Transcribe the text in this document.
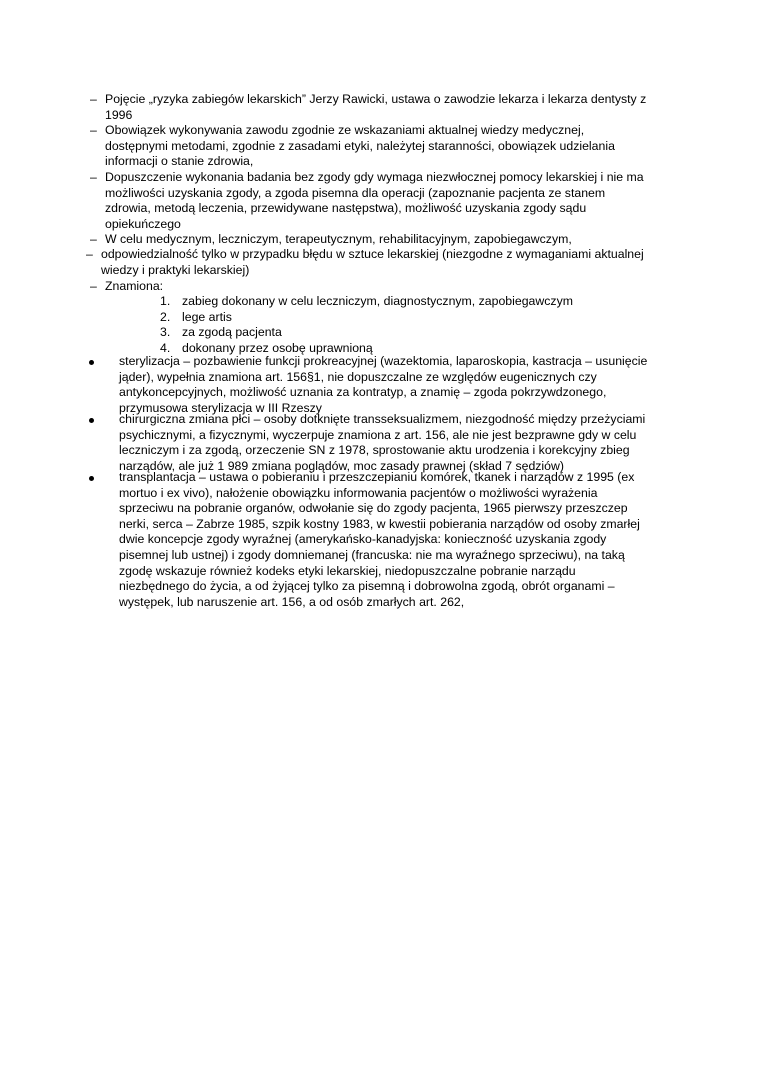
– Pojęcie „ryzyka zabiegów lekarskich” Jerzy Rawicki, ustawa o zawodzie lekarza i lekarza dentysty z
1996
– Obowiązek wykonywania zawodu zgodnie ze wskazaniami aktualnej wiedzy medycznej,
dostępnymi metodami, zgodnie z zasadami etyki, należytej staranności, obowiązek udzielania
informacji o stanie zdrowia,
– Dopuszczenie wykonania badania bez zgody gdy wymaga niezwłocznej pomocy lekarskiej i nie ma
możliwości uzyskania zgody, a zgoda pisemna dla operacji (zapoznanie pacjenta ze stanem
zdrowia, metodą leczenia, przewidywane następstwa), możliwość uzyskania zgody sądu
opiekuńczego
– W celu medycznym, leczniczym, terapeutycznym, rehabilitacyjnym, zapobiegawczym,
– odpowiedzialność tylko w przypadku błędu w sztuce lekarskiej (niezgodne z wymaganiami aktualnej
wiedzy i praktyki lekarskiej)
– Znamiona:
1. zabieg dokonany w celu leczniczym, diagnostycznym, zapobiegawczym
2. lege artis
3. za zgodą pacjenta
4. dokonany przez osobę uprawnioną
sterylizacja – pozbawienie funkcji prokreacyjnej (wazektomia, laparoskopia, kastracja – usunięcie
jąder), wypełnia znamiona art. 156§1, nie dopuszczalne ze względów eugenicznych czy
antykoncepcyjnych, możliwość uznania za kontratyp, a znamię – zgoda pokrzywdzonego,
przymusowa sterylizacja w III Rzeszy
chirurgiczna zmiana płci – osoby dotknięte transseksualizmem, niezgodność między przeżyciami
psychicznymi, a fizycznymi, wyczerpuje znamiona z art. 156, ale nie jest bezprawne gdy w celu
leczniczym i za zgodą, orzeczenie SN z 1978, sprostowanie aktu urodzenia i korekcyjny zbieg
narządów, ale już 1 989 zmiana poglądów, moc zasady prawnej (skład 7 sędziów)
transplantacja – ustawa o pobieraniu i przeszczepianiu komórek, tkanek i narządów z 1995 (ex
mortuo i ex vivo), nałożenie obowiązku informowania pacjentów o możliwości wyrażenia
sprzeciwu na pobranie organów, odwołanie się do zgody pacjenta, 1965 pierwszy przeszczep
nerki, serca – Zabrze 1985, szpik kostny 1983, w kwestii pobierania narządów od osoby zmarłej
dwie koncepcje zgody wyraźnej (amerykańsko-kanadyjska: konieczność uzyskania zgody
pisemnej lub ustnej) i zgody domniemanej (francuska: nie ma wyraźnego sprzeciwu), na taką
zgodę wskazuje również kodeks etyki lekarskiej, niedopuszczalne pobranie narządu
niezbędnego do życia, a od żyjącej tylko za pisemną i dobrowolna zgodą, obrót organami –
występek, lub naruszenie art. 156, a od osób zmarłych art. 262,
